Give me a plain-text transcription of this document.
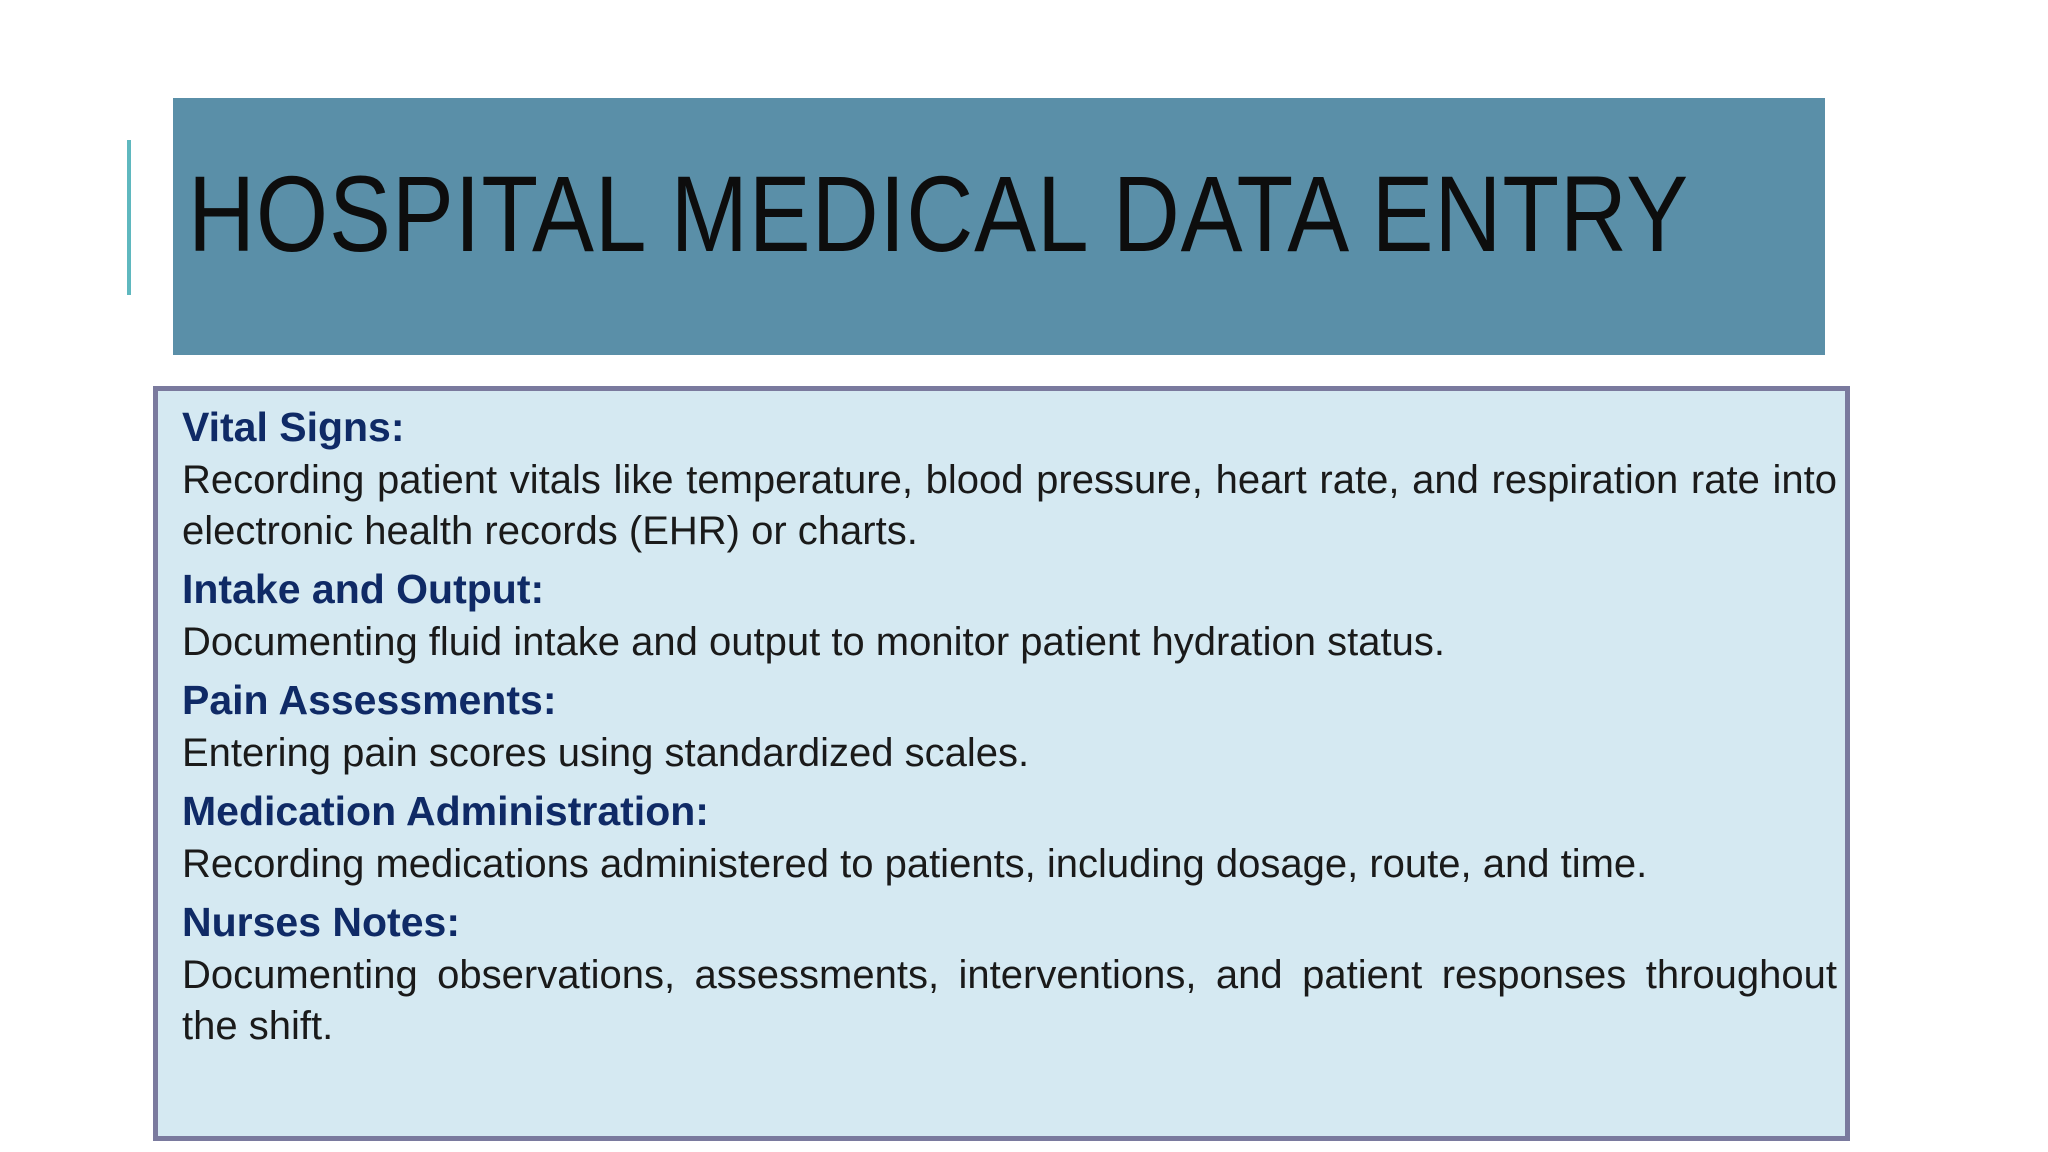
HOSPITAL MEDICAL DATA ENTRY

Vital Signs:

Recording patient vitals like temperature, blood pressure, heart rate, and respiration rate into electronic health records (EHR) or charts.

Intake and Output:

Documenting fluid intake and output to monitor patient hydration status.

Pain Assessments:

Entering pain scores using standardized scales.

Medication Administration:

Recording medications administered to patients, including dosage, route, and time.

Nurses Notes:

Documenting observations, assessments, interventions, and patient responses throughout the shift.
